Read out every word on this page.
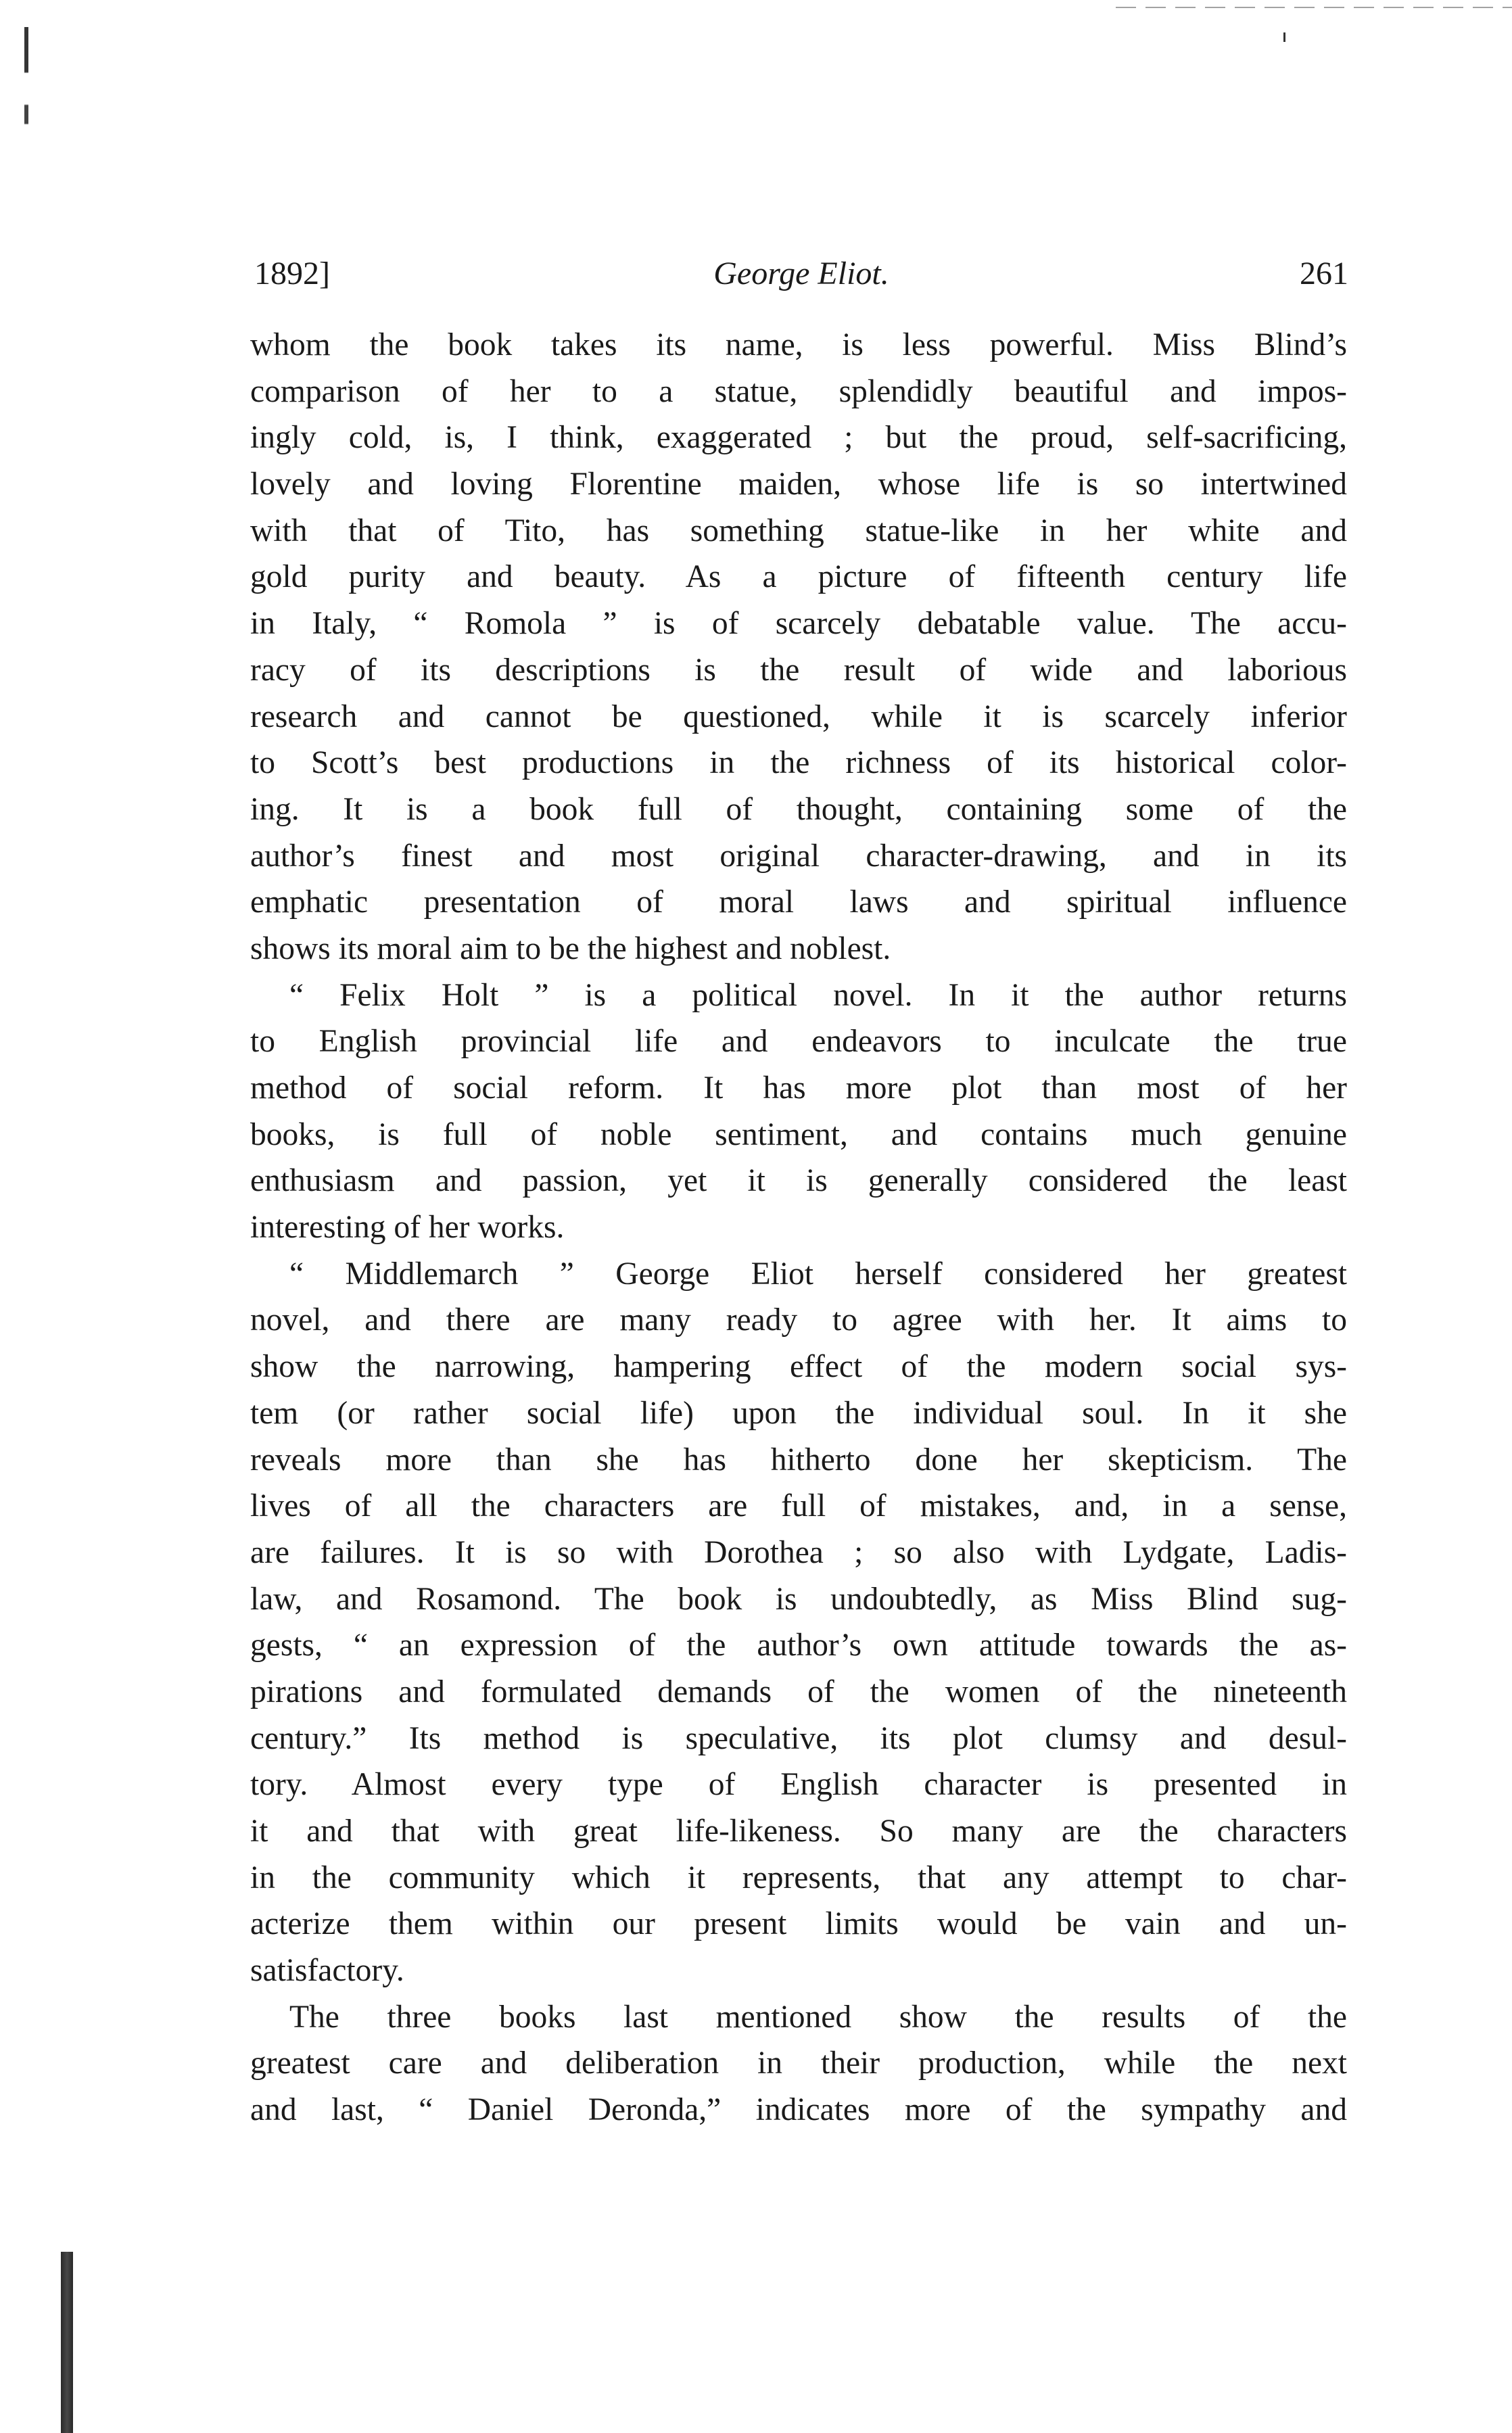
1892]	George Eliot.	261
whom the book takes its name, is less powerful. Miss Blind’s
comparison of her to a statue, splendidly beautiful and impos-
ingly cold, is, I think, exaggerated ; but the proud, self-sacrificing,
lovely and loving Florentine maiden, whose life is so intertwined
with that of Tito, has something statue-like in her white and
gold purity and beauty. As a picture of fifteenth century life
in Italy, “ Romola ” is of scarcely debatable value. The accu-
racy of its descriptions is the result of wide and laborious
research and cannot be questioned, while it is scarcely inferior
to Scott’s best productions in the richness of its historical color-
ing. It is a book full of thought, containing some of the
author’s finest and most original character-drawing, and in its
emphatic presentation of moral laws and spiritual influence
shows its moral aim to be the highest and noblest.
“ Felix Holt ” is a political novel. In it the author returns
to English provincial life and endeavors to inculcate the true
method of social reform. It has more plot than most of her
books, is full of noble sentiment, and contains much genuine
enthusiasm and passion, yet it is generally considered the least
interesting of her works.
“ Middlemarch ” George Eliot herself considered her greatest
novel, and there are many ready to agree with her. It aims to
show the narrowing, hampering effect of the modern social sys-
tem (or rather social life) upon the individual soul. In it she
reveals more than she has hitherto done her skepticism. The
lives of all the characters are full of mistakes, and, in a sense,
are failures. It is so with Dorothea ; so also with Lydgate, Ladis-
law, and Rosamond. The book is undoubtedly, as Miss Blind sug-
gests, “ an expression of the author’s own attitude towards the as-
pirations and formulated demands of the women of the nineteenth
century.” Its method is speculative, its plot clumsy and desul-
tory. Almost every type of English character is presented in
it and that with great life-likeness. So many are the characters
in the community which it represents, that any attempt to char-
acterize them within our present limits would be vain and un-
satisfactory.
The three books last mentioned show the results of the
greatest care and deliberation in their production, while the next
and last, “ Daniel Deronda,” indicates more of the sympathy and
